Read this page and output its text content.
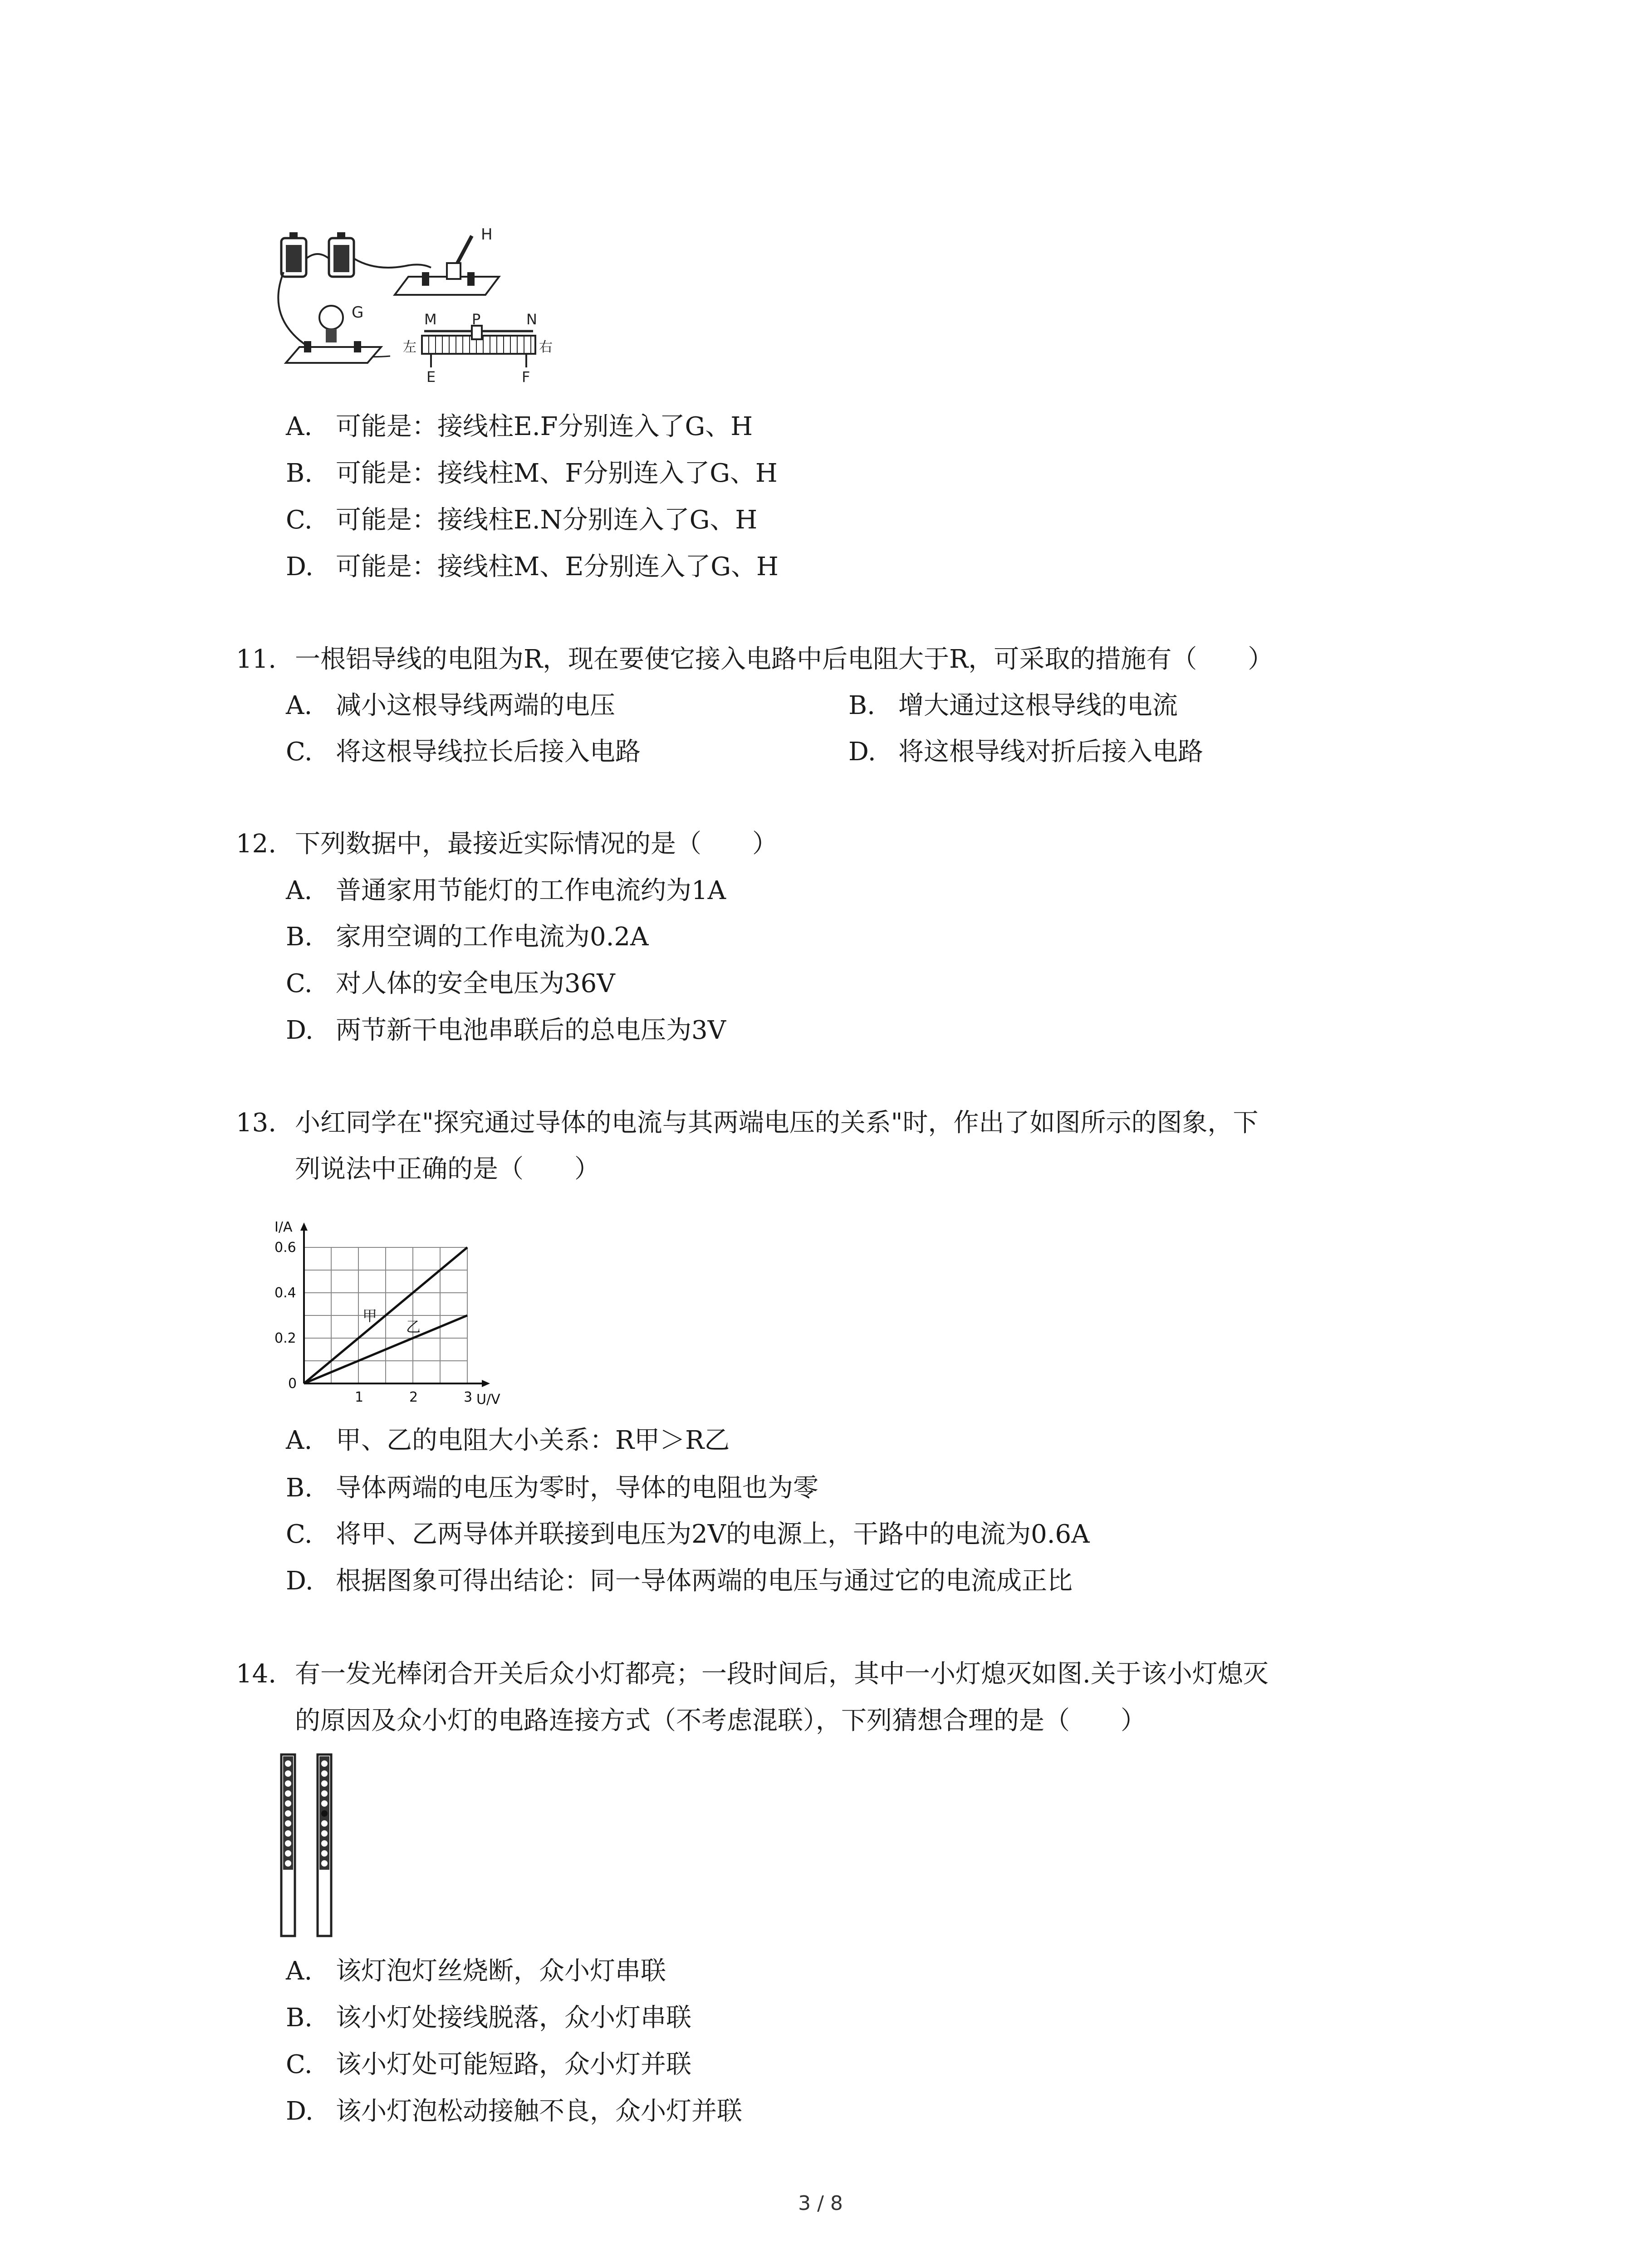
H
G	M P	N
左	右
E	F
A. 可能是：接线柱E.F分别连入了G、H
B. 可能是：接线柱M、F分别连入了G、H
C. 可能是：接线柱E.N分别连入了G、H
D. 可能是：接线柱M、E分别连入了G、H
11. 一根铝导线的电阻为R，现在要使它接入电路中后电阻大于R，可采取的措施有（　　）
A. 减小这根导线两端的电压	B. 增大通过这根导线的电流
C. 将这根导线拉长后接入电路	D. 将这根导线对折后接入电路
12. 下列数据中，最接近实际情况的是（　　）
A. 普通家用节能灯的工作电流约为1A
B. 家用空调的工作电流为0.2A
C. 对人体的安全电压为36V
D. 两节新干电池串联后的总电压为3V
13. 小红同学在"探究通过导体的电流与其两端电压的关系"时，作出了如图所示的图象，下
列说法中正确的是（　　）
I/A
U/V
0
1	2	3
0.2
0.4
0.6
甲
乙
A. 甲、乙的电阻大小关系：R甲＞R乙
B. 导体两端的电压为零时，导体的电阻也为零
C. 将甲、乙两导体并联接到电压为2V的电源上，干路中的电流为0.6A
D. 根据图象可得出结论：同一导体两端的电压与通过它的电流成正比
14. 有一发光棒闭合开关后众小灯都亮；一段时间后，其中一小灯熄灭如图.关于该小灯熄灭
的原因及众小灯的电路连接方式（不考虑混联），下列猜想合理的是（　　）
A. 该灯泡灯丝烧断，众小灯串联
B. 该小灯处接线脱落，众小灯串联
C. 该小灯处可能短路，众小灯并联
D. 该小灯泡松动接触不良，众小灯并联
3 / 8
